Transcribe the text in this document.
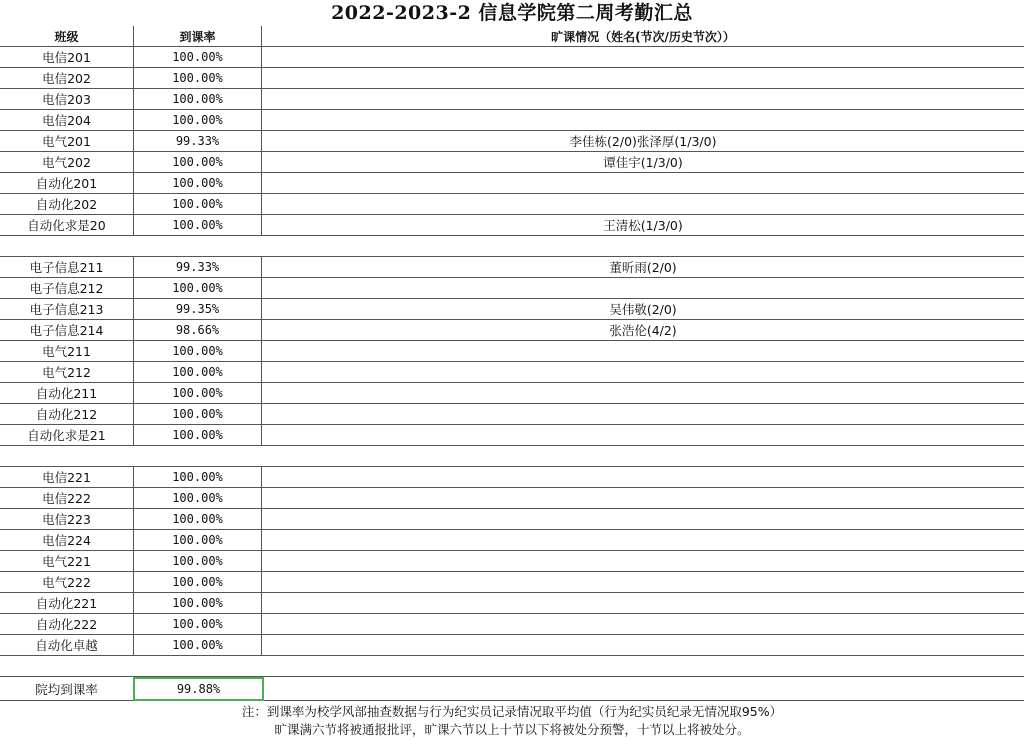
2022-2023-2 信息学院第二周考勤汇总
班级	到课率	旷课情况（姓名(节次/历史节次））
电信201	100.00%	
电信202	100.00%	
电信203	100.00%	
电信204	100.00%	
电气201	99.33%	李佳栋(2/0)张泽厚(1/3/0)
电气202	100.00%	谭佳宇(1/3/0)
自动化201	100.00%	
自动化202	100.00%	
自动化求是20	100.00%	王清松(1/3/0)

电子信息211	99.33%	董昕雨(2/0)
电子信息212	100.00%	
电子信息213	99.35%	吴伟敬(2/0)
电子信息214	98.66%	张浩伦(4/2)
电气211	100.00%	
电气212	100.00%	
自动化211	100.00%	
自动化212	100.00%	
自动化求是21	100.00%	

电信221	100.00%	
电信222	100.00%	
电信223	100.00%	
电信224	100.00%	
电气221	100.00%	
电气222	100.00%	
自动化221	100.00%	
自动化222	100.00%	
自动化卓越	100.00%	

院均到课率	99.88%	
注：到课率为校学风部抽查数据与行为纪实员记录情况取平均值（行为纪实员纪录无情况取95%）
旷课满六节将被通报批评，旷课六节以上十节以下将被处分预警，十节以上将被处分。
